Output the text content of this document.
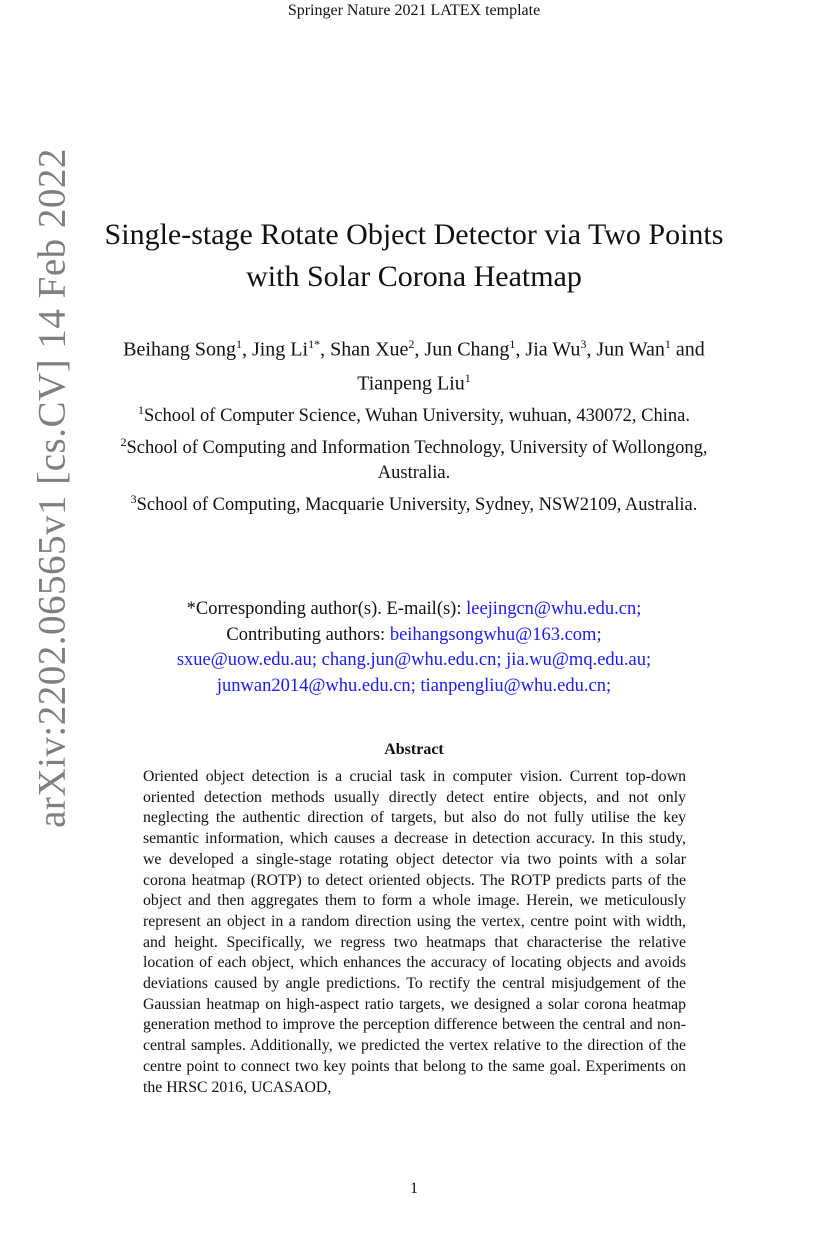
Springer Nature 2021 LATEX template
arXiv:2202.06565v1 [cs.CV] 14 Feb 2022 Single-stage Rotate Object Detector via Two Points with Solar Corona Heatmap
Beihang Song$^1$, Jing $Li^{1*}$, Shan Xue$^2$, Jun Chang$^1$, Jia Wu$^3$, Jun Wan$^1$ and Tianpeng Liu$^1$
$^1$School of Computer Science, Wuhan University, wuhuan, 430072, China.
$^2$School of Computing and Information Technology, University of Wollongong, Australia.
$^3$School of Computing, Macquarie University, Sydney, NSW2109, Australia.
*Corresponding author(s). E-mail(s): leejingcn@whu.edu.cn;
Contributing authors: beihangsongwhu@163.com;
sxue@uow.edu.au; chang.jun@whu.edu.cn; jia.wu@mq.edu.au;
junwan2014@whu.edu.cn; tianpengliu@whu.edu.cn;
Abstract

Oriented object detection is a crucial task in computer vision. Current top-down oriented detection methods usually directly detect entire objects, and not only neglecting the authentic direction of targets, but also do not fully utilise the key semantic information, which causes a decrease in detection accuracy. In this study, we developed a single-stage rotating object detector via two points with a solar corona heatmap (ROTP) to detect oriented objects. The ROTP predicts parts of the object and then aggregates them to form a whole image. Herein, we meticulously represent an object in a random direction using the vertex, centre point with width, and height. Specifically, we regress two heatmaps that characterise the relative location of each object, which enhances the accuracy of locating objects and avoids deviations caused by angle predictions. To rectify the central misjudgement of the Gaussian heatmap on high-aspect ratio targets, we designed a solar corona heatmap generation method to improve the perception difference between the central and non-central samples. Additionally, we predicted the vertex relative to the direction of the centre point to connect two key points that belong to the same goal. Experiments on the HRSC 2016, UCASAOD,

1
